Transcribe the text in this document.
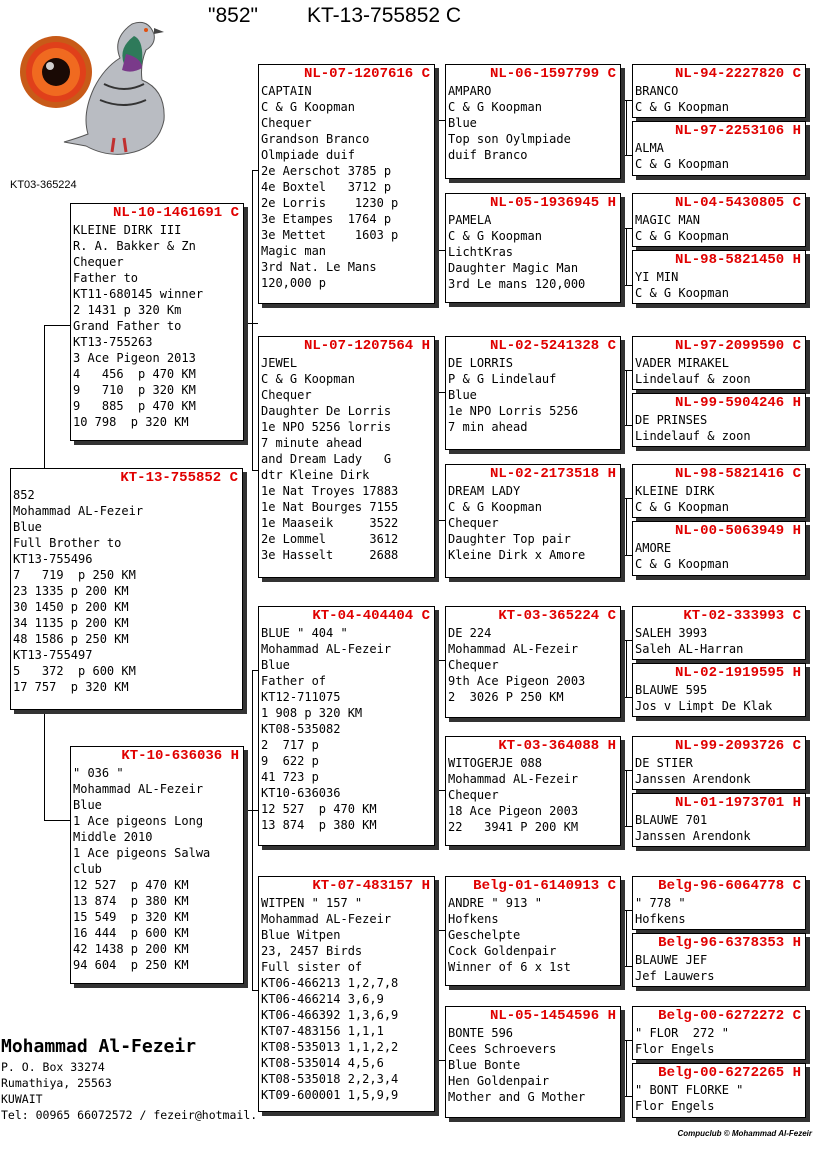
"852" KT-13-755852 C
KT03-365224
KT-13-755852 C
852
Mohammad AL-Fezeir
Blue
Full Brother to
KT13-755496
7   719  p 250 KM
23 1335 p 200 KM
30 1450 p 200 KM
34 1135 p 200 KM
48 1586 p 250 KM
KT13-755497
5   372  p 600 KM
17 757  p 320 KM
NL-10-1461691 C
KLEINE DIRK III
R. A. Bakker & Zn
Chequer
Father to
KT11-680145 winner
2 1431 p 320 Km
Grand Father to
KT13-755263
3 Ace Pigeon 2013
4   456  p 470 KM
9   710  p 320 KM
9   885  p 470 KM
10 798  p 320 KM
KT-10-636036 H
" 036 "
Mohammad AL-Fezeir
Blue
1 Ace pigeons Long
Middle 2010
1 Ace pigeons Salwa
club
12 527  p 470 KM
13 874  p 380 KM
15 549  p 320 KM
16 444  p 600 KM
42 1438 p 200 KM
94 604  p 250 KM
NL-07-1207616 C
CAPTAIN
C & G Koopman
Chequer
Grandson Branco
Olmpiade duif
2e Aerschot 3785 p
4e Boxtel   3712 p
2e Lorris    1230 p
3e Etampes  1764 p
3e Mettet    1603 p
Magic man
3rd Nat. Le Mans
120,000 p
NL-07-1207564 H
JEWEL
C & G Koopman
Chequer
Daughter De Lorris
1e NPO 5256 lorris
7 minute ahead
and Dream Lady   G
dtr Kleine Dirk
1e Nat Troyes 17883
1e Nat Bourges 7155
1e Maaseik     3522
2e Lommel      3612
3e Hasselt     2688
KT-04-404404 C
BLUE " 404 "
Mohammad AL-Fezeir
Blue
Father of
KT12-711075
1 908 p 320 KM
KT08-535082
2  717 p
9  622 p
41 723 p
KT10-636036
12 527  p 470 KM
13 874  p 380 KM
KT-07-483157 H
WITPEN " 157 "
Mohammad AL-Fezeir
Blue Witpen
23, 2457 Birds
Full sister of
KT06-466213 1,2,7,8
KT06-466214 3,6,9
KT06-466392 1,3,6,9
KT07-483156 1,1,1
KT08-535013 1,1,2,2
KT08-535014 4,5,6
KT08-535018 2,2,3,4
KT09-600001 1,5,9,9
NL-06-1597799 C
AMPARO
C & G Koopman
Blue
Top son Oylmpiade
duif Branco
NL-05-1936945 H
PAMELA
C & G Koopman
LichtKras
Daughter Magic Man
3rd Le mans 120,000
NL-02-5241328 C
DE LORRIS
P & G Lindelauf
Blue
1e NPO Lorris 5256
7 min ahead
NL-02-2173518 H
DREAM LADY
C & G Koopman
Chequer
Daughter Top pair
Kleine Dirk x Amore
KT-03-365224 C
DE 224
Mohammad AL-Fezeir
Chequer
9th Ace Pigeon 2003
2  3026 P 250 KM
KT-03-364088 H
WITOGERJE 088
Mohammad AL-Fezeir
Chequer
18 Ace Pigeon 2003
22   3941 P 200 KM
Belg-01-6140913 C
ANDRE " 913 "
Hofkens
Geschelpte
Cock Goldenpair
Winner of 6 x 1st
NL-05-1454596 H
BONTE 596
Cees Schroevers
Blue Bonte
Hen Goldenpair
Mother and G Mother
NL-94-2227820 C
BRANCO
C & G Koopman
NL-97-2253106 H
ALMA
C & G Koopman
NL-04-5430805 C
MAGIC MAN
C & G Koopman
NL-98-5821450 H
YI MIN
C & G Koopman
NL-97-2099590 C
VADER MIRAKEL
Lindelauf & zoon
NL-99-5904246 H
DE PRINSES
Lindelauf & zoon
NL-98-5821416 C
KLEINE DIRK
C & G Koopman
NL-00-5063949 H
AMORE
C & G Koopman
KT-02-333993 C
SALEH 3993
Saleh AL-Harran
NL-02-1919595 H
BLAUWE 595
Jos v Limpt De Klak
NL-99-2093726 C
DE STIER
Janssen Arendonk
NL-01-1973701 H
BLAUWE 701
Janssen Arendonk
Belg-96-6064778 C
" 778 "
Hofkens
Belg-96-6378353 H
BLAUWE JEF
Jef Lauwers
Belg-00-6272272 C
" FLOR  272 "
Flor Engels
Belg-00-6272265 H
" BONT FLORKE "
Flor Engels
Mohammad Al-Fezeir
P. O. Box 33274
Rumathiya, 25563
KUWAIT
Tel: 00965 66072572 / fezeir@hotmail.
Compuclub © Mohammad Al-Fezeir
